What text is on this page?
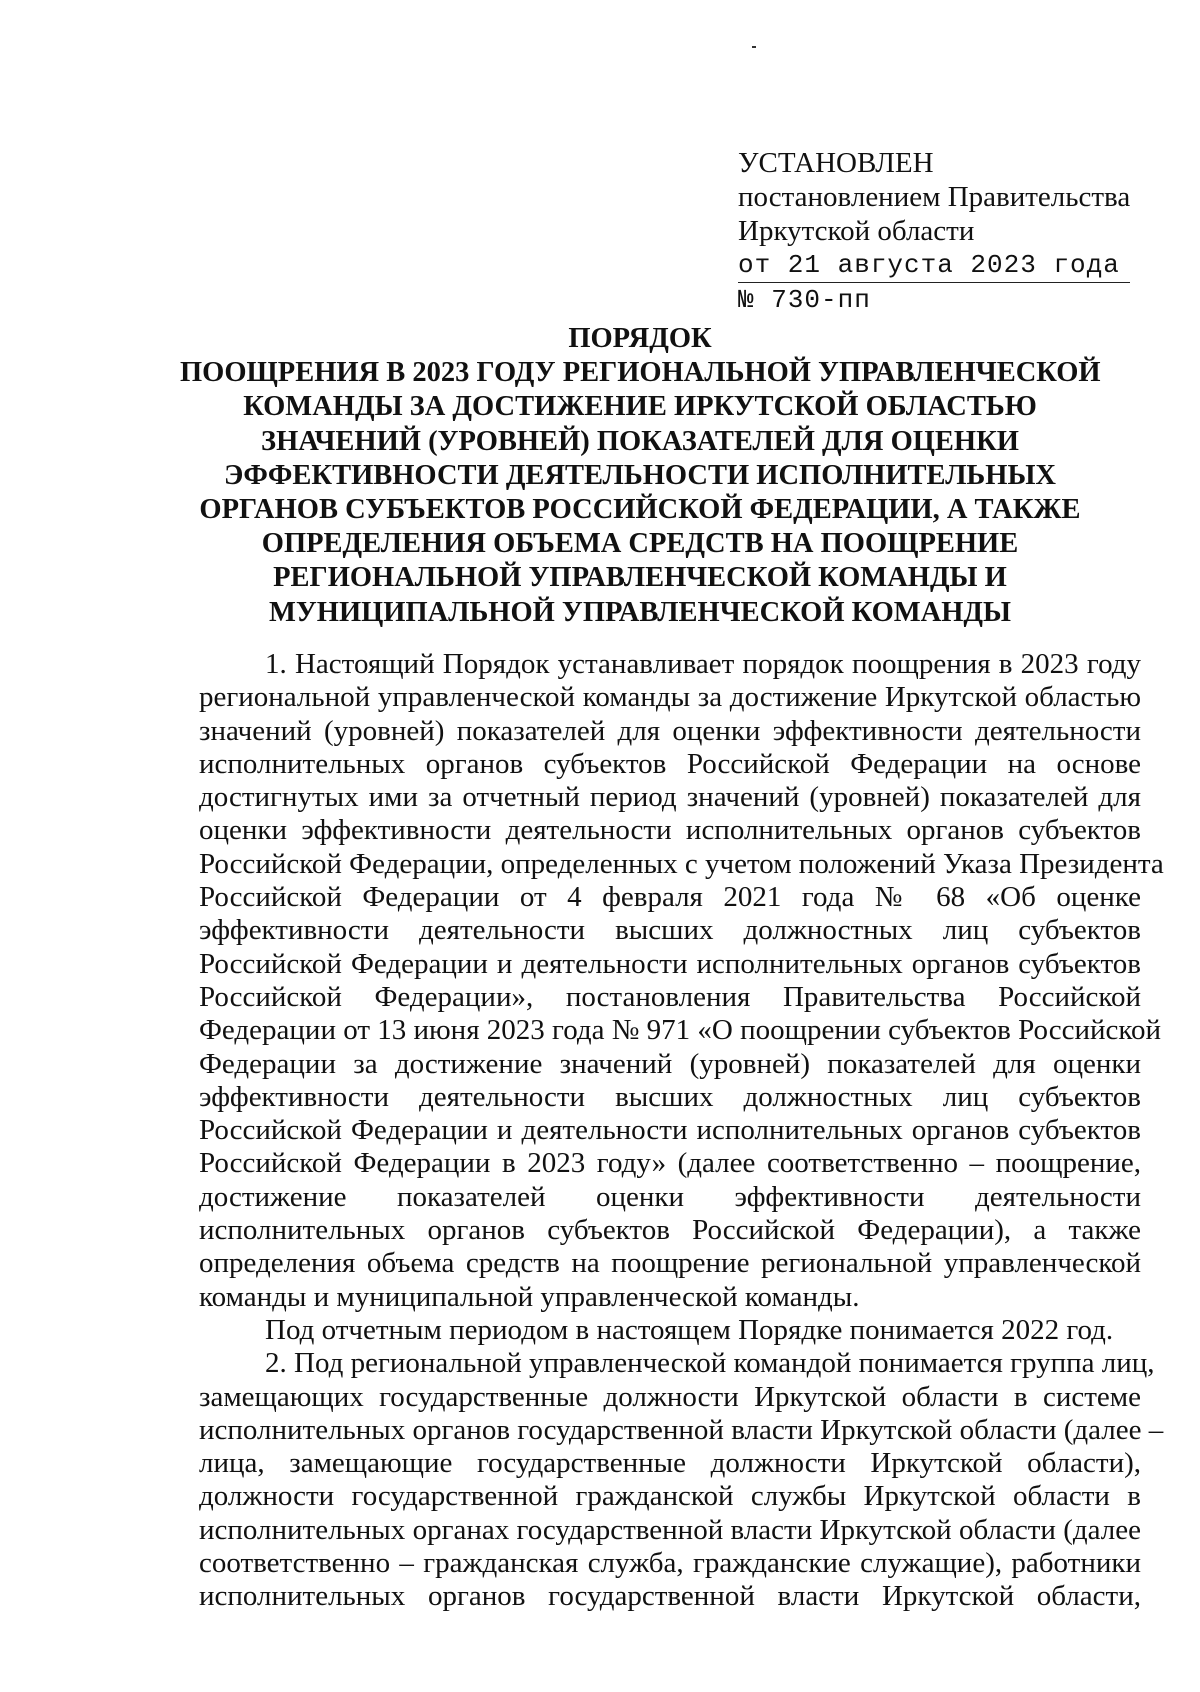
УСТАНОВЛЕН
постановлением Правительства
Иркутской области
от 21 августа 2023 года
№ 730-пп
ПОРЯДОК
ПООЩРЕНИЯ В 2023 ГОДУ РЕГИОНАЛЬНОЙ УПРАВЛЕНЧЕСКОЙ
КОМАНДЫ ЗА ДОСТИЖЕНИЕ ИРКУТСКОЙ ОБЛАСТЬЮ
ЗНАЧЕНИЙ (УРОВНЕЙ) ПОКАЗАТЕЛЕЙ ДЛЯ ОЦЕНКИ
ЭФФЕКТИВНОСТИ ДЕЯТЕЛЬНОСТИ ИСПОЛНИТЕЛЬНЫХ
ОРГАНОВ СУБЪЕКТОВ РОССИЙСКОЙ ФЕДЕРАЦИИ, А ТАКЖЕ
ОПРЕДЕЛЕНИЯ ОБЪЕМА СРЕДСТВ НА ПООЩРЕНИЕ
РЕГИОНАЛЬНОЙ УПРАВЛЕНЧЕСКОЙ КОМАНДЫ И
МУНИЦИПАЛЬНОЙ УПРАВЛЕНЧЕСКОЙ КОМАНДЫ
1. Настоящий Порядок устанавливает порядок поощрения в 2023 году
региональной управленческой команды за достижение Иркутской областью
значений (уровней) показателей для оценки эффективности деятельности
исполнительных органов субъектов Российской Федерации на основе
достигнутых ими за отчетный период значений (уровней) показателей для
оценки эффективности деятельности исполнительных органов субъектов
Российской Федерации, определенных с учетом положений Указа Президента
Российской Федерации от 4 февраля 2021 года № 68 «Об оценке
эффективности деятельности высших должностных лиц субъектов
Российской Федерации и деятельности исполнительных органов субъектов
Российской Федерации», постановления Правительства Российской
Федерации от 13 июня 2023 года № 971 «О поощрении субъектов Российской
Федерации за достижение значений (уровней) показателей для оценки
эффективности деятельности высших должностных лиц субъектов
Российской Федерации и деятельности исполнительных органов субъектов
Российской Федерации в 2023 году» (далее соответственно – поощрение,
достижение показателей оценки эффективности деятельности
исполнительных органов субъектов Российской Федерации), а также
определения объема средств на поощрение региональной управленческой
команды и муниципальной управленческой команды.
Под отчетным периодом в настоящем Порядке понимается 2022 год.
2. Под региональной управленческой командой понимается группа лиц,
замещающих государственные должности Иркутской области в системе
исполнительных органов государственной власти Иркутской области (далее –
лица, замещающие государственные должности Иркутской области),
должности государственной гражданской службы Иркутской области в
исполнительных органах государственной власти Иркутской области (далее
соответственно – гражданская служба, гражданские служащие), работники
исполнительных органов государственной власти Иркутской области,
